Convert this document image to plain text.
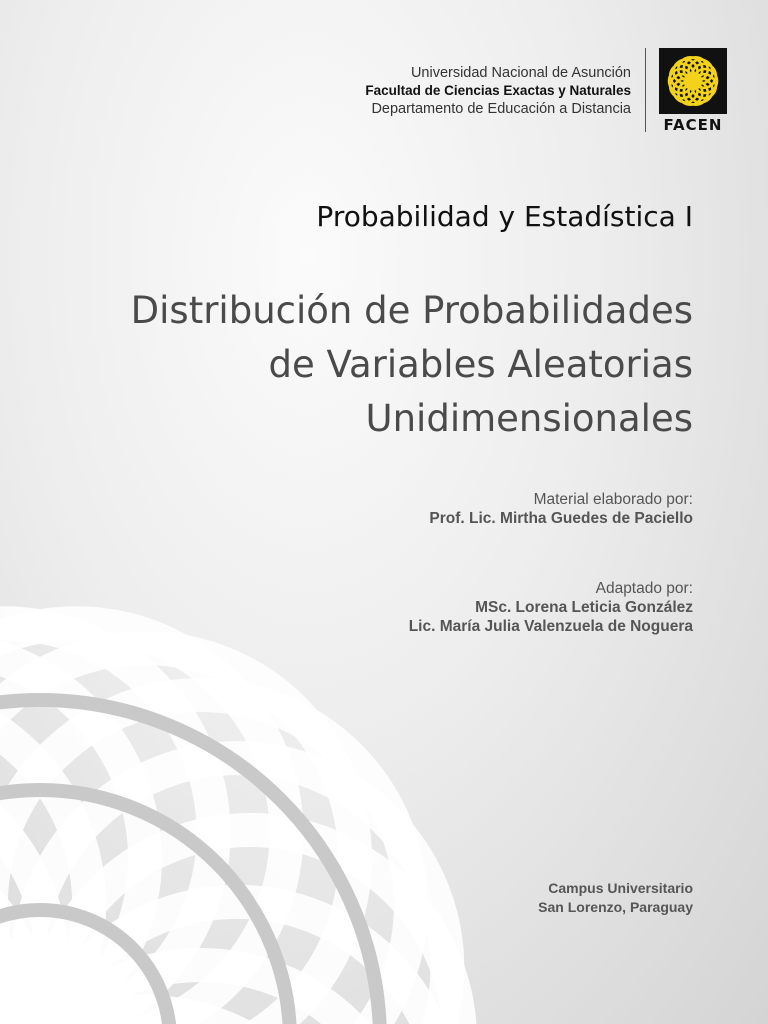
Universidad Nacional de Asunción
Facultad de Ciencias Exactas y Naturales
Departamento de Educación a Distancia
FACEN
Probabilidad y Estadística I
Distribución de Probabilidades
de Variables Aleatorias
Unidimensionales
Material elaborado por:
Prof. Lic. Mirtha Guedes de Paciello
Adaptado por:
MSc. Lorena Leticia González
Lic. María Julia Valenzuela de Noguera
Campus Universitario
San Lorenzo, Paraguay
